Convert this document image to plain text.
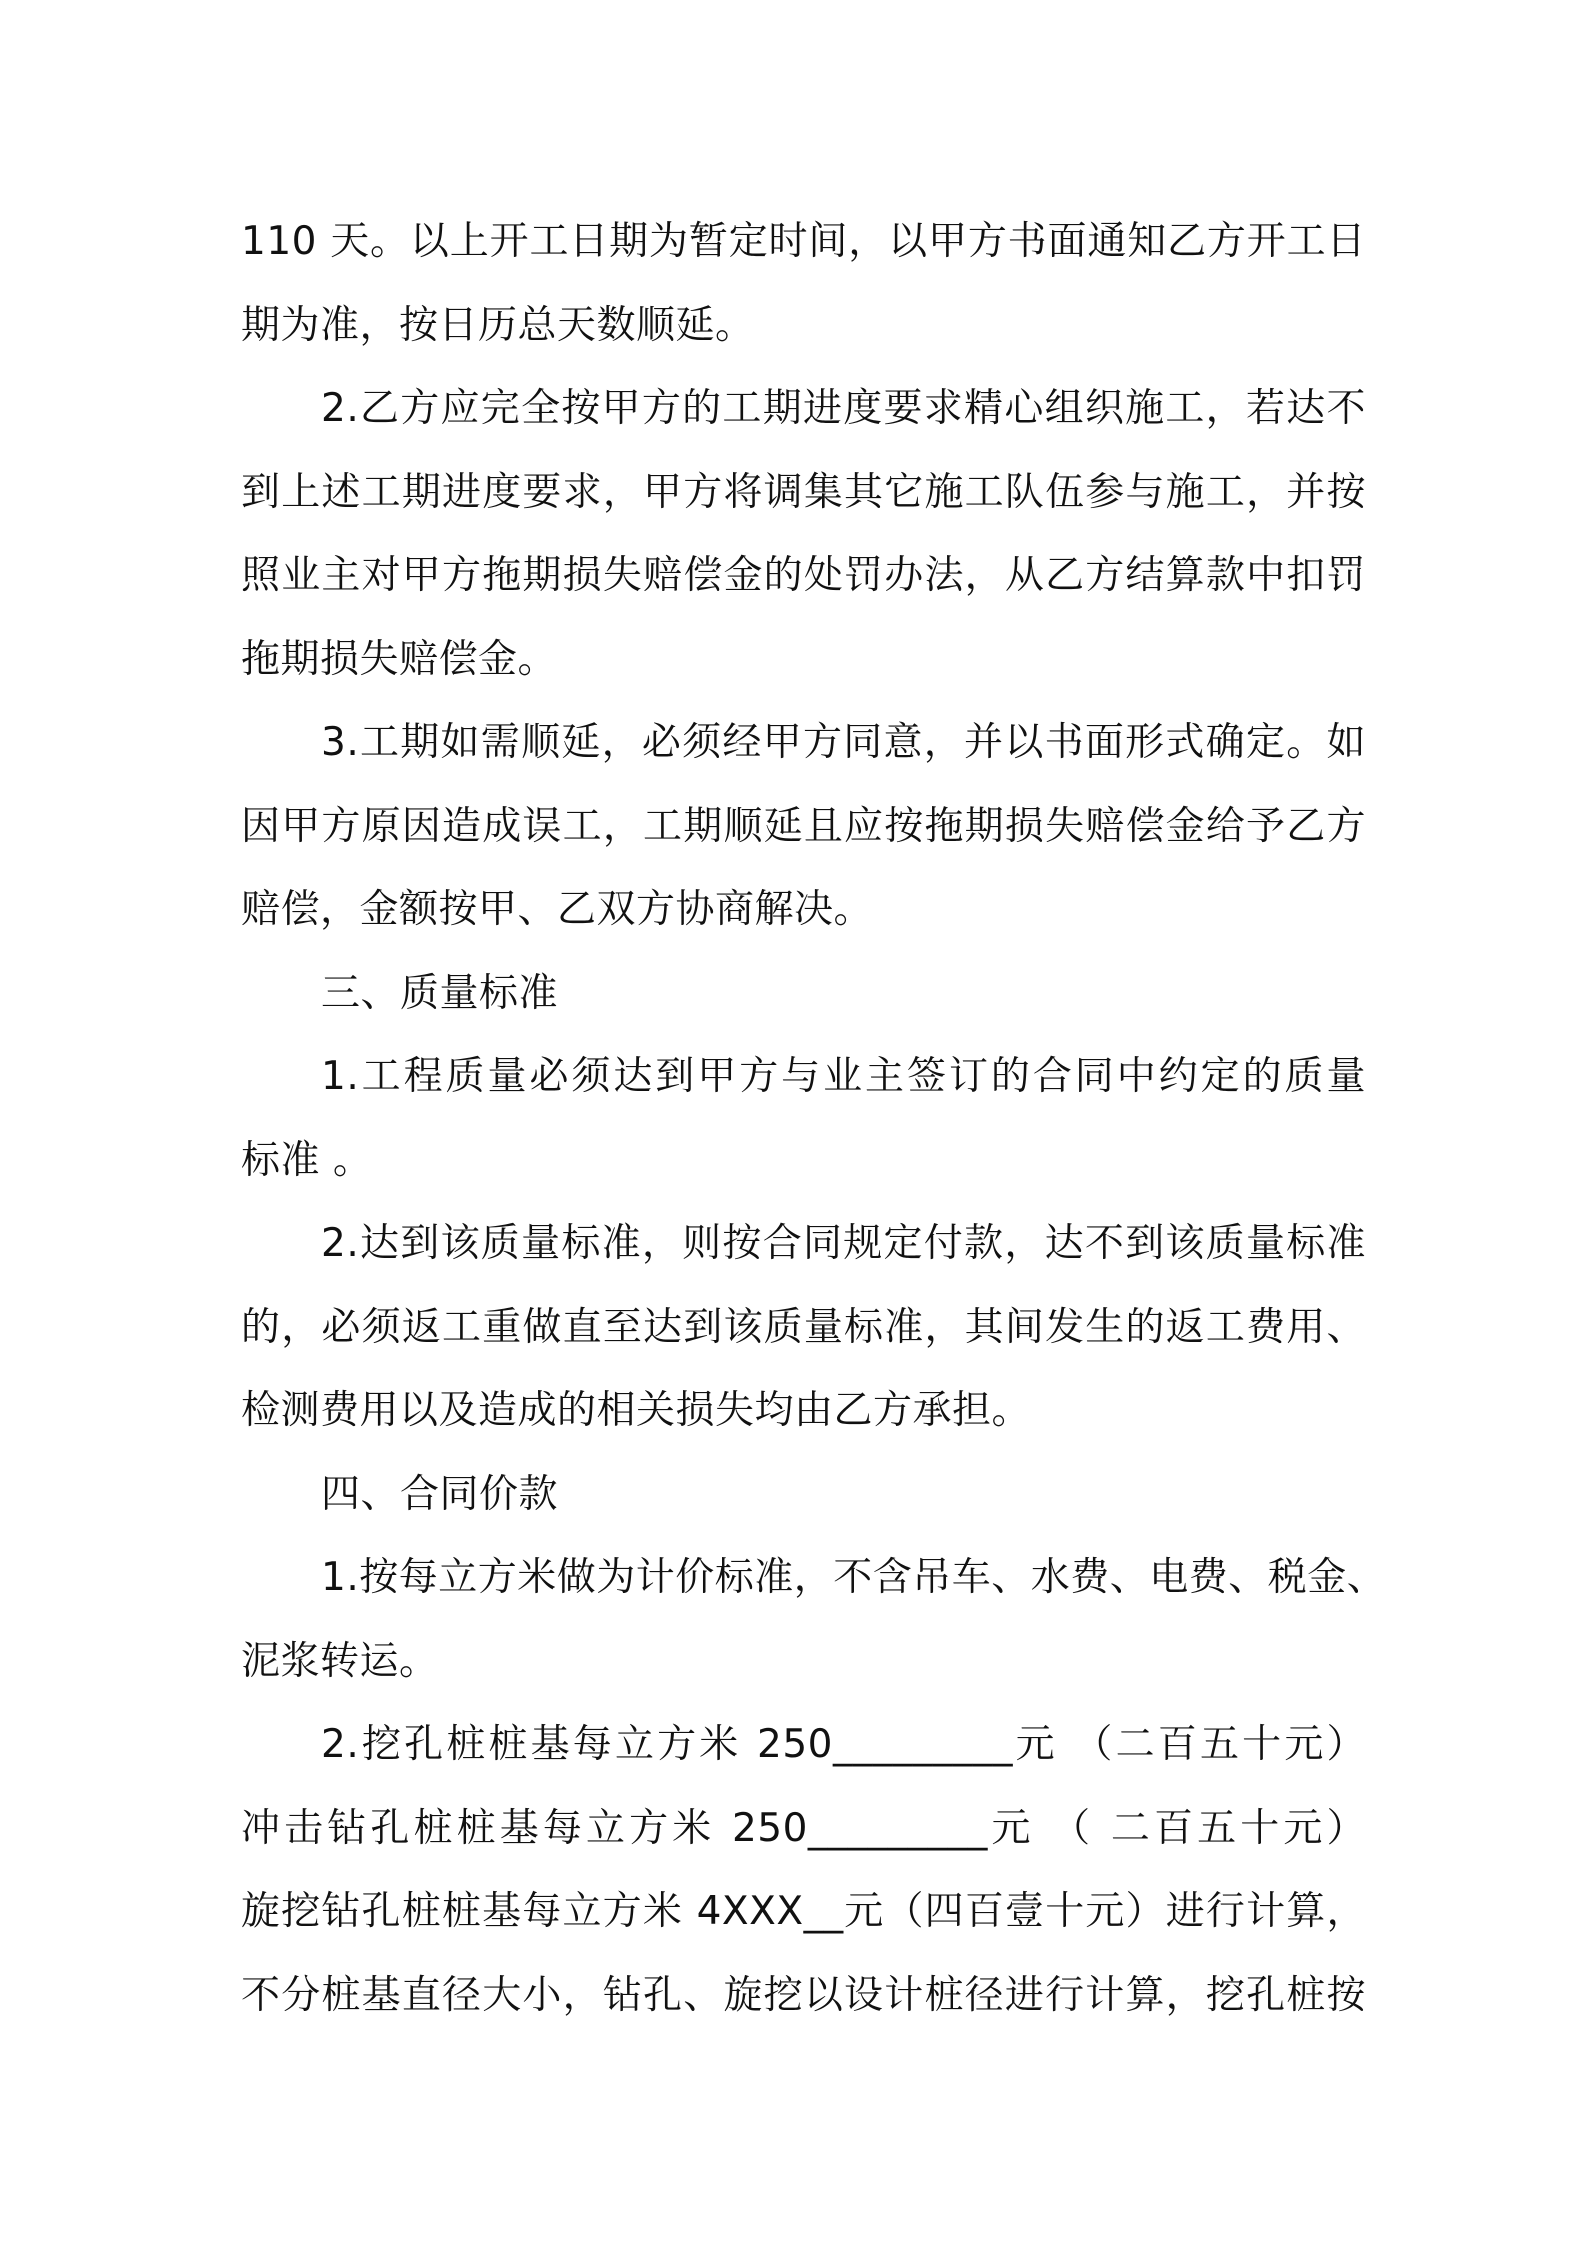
110 天。以上开工日期为暂定时间，以甲方书面通知乙方开工日
期为准，按日历总天数顺延。
2.乙方应完全按甲方的工期进度要求精心组织施工，若达不
到上述工期进度要求，甲方将调集其它施工队伍参与施工，并按
照业主对甲方拖期损失赔偿金的处罚办法，从乙方结算款中扣罚
拖期损失赔偿金。
3.工期如需顺延，必须经甲方同意，并以书面形式确定。如
因甲方原因造成误工，工期顺延且应按拖期损失赔偿金给予乙方
赔偿，金额按甲、乙双方协商解决。
三、质量标准
1.工程质量必须达到甲方与业主签订的合同中约定的质量
标准 。
2.达到该质量标准，则按合同规定付款，达不到该质量标准
的，必须返工重做直至达到该质量标准，其间发生的返工费用、
检测费用以及造成的相关损失均由乙方承担。
四、合同价款
1.按每立方米做为计价标准，不含吊车、水费、电费、税金、
泥浆转运。
2.挖孔桩桩基每立方米 250_________元 （二百五十元）
冲击钻孔桩桩基每立方米 250_________元 （ 二百五十元）
旋挖钻孔桩桩基每立方米 4XXX__元（四百壹十元）进行计算，
不分桩基直径大小，钻孔、旋挖以设计桩径进行计算，挖孔桩按
